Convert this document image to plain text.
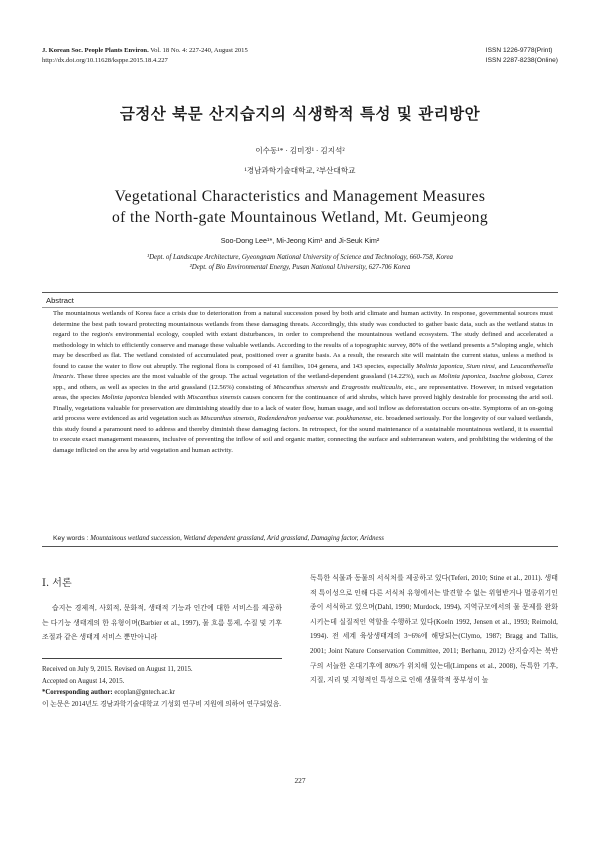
J. Korean Soc. People Plants Environ. Vol. 18 No. 4: 227-240, August 2015
http://dx.doi.org/10.11628/ksppe.2015.18.4.227
ISSN 1226-9778(Print)
ISSN 2287-8238(Online)
금정산 북문 산지습지의 식생학적 특성 및 관리방안
이수동¹* · 김미정¹ · 김지석²
¹경남과학기술대학교, ²부산대학교
Vegetational Characteristics and Management Measures
of the North-gate Mountainous Wetland, Mt. Geumjeong
Soo-Dong Lee¹*, Mi-Jeong Kim¹ and Ji-Seuk Kim²
¹Dept. of Landscape Architecture, Gyeongnam National University of Science and Technology, 660-758, Korea
²Dept. of Bio Environmental Energy, Pusan National University, 627-706 Korea
Abstract
The mountainous wetlands of Korea face a crisis due to deterioration from a natural succession posed by both arid climate and human activity. In response, governmental sources must determine the best path toward protecting mountainous wetlands from these damaging threats. Accordingly, this study was conducted to gather basic data, such as the wetland status in regard to the region's environmental ecology, coupled with extant disturbances, in order to comprehend the mountainous wetland ecosystem. The study defined and accelerated a methodology in which to efficiently conserve and manage these valuable wetlands. According to the results of a topographic survey, 80% of the wetland presents a 5°sloping angle, which may be described as flat. The wetland consisted of accumulated peat, positioned over a granite basis. As a result, the research site will maintain the current status, unless a method is found to cause the water to flow out abruptly. The regional flora is composed of 41 families, 104 genera, and 143 species, especially Molinia japonica, Sium ninsi, and Leucanthemella linearis. These three species are the most valuable of the group. The actual vegetation of the wetland-dependent grassland (14.22%), such as Molinia japonica, Isachne globosa, Carex spp., and others, as well as species in the arid grassland (12.56%) consisting of Miscanthus sinensis and Eragrostis multicaulis, etc., are representative. However, in mixed vegetation areas, the species Molinia japonica blended with Miscanthus sinensis causes concern for the continuance of arid shrubs, which have proved highly desirable for processing the arid soil. Finally, vegetations valuable for preservation are diminishing steadily due to a lack of water flow, human usage, and soil inflow as deforestation occurs on-site. Symptoms of an on-going arid process were evidenced as arid vegetation such as Miscanthus sinensis, Rodendendron yedoense var. poukhanense, etc. broadened seriously. For the longevity of our valued wetlands, this study found a paramount need to address and thereby diminish these damaging factors. In retrospect, for the sound maintenance of a sustainable mountainous wetland, it is essential to execute exact management measures, inclusive of preventing the inflow of soil and organic matter, connecting the surface and subterranean waters, and prohibiting the widening of the damage inflicted on the area by arid vegetation and human activity.
Key words : Mountainous wetland succession, Wetland dependent grassland, Arid grassland, Damaging factor, Aridness
Ⅰ. 서론
습지는 경제적, 사회적, 문화적, 생태적 기능과 인간에 대한 서비스를 제공하는 다기능 생태계의 한 유형이며(Barbier et al., 1997), 물 흐름 통제, 수질 및 기후 조절과 같은 생태계 서비스 뿐만아니라
Received on July 9, 2015. Revised on August 11, 2015.
Accepted on August 14, 2015.
*Corresponding author: ecoplan@gntech.ac.kr
이 논문은 2014년도 경남과학기술대학교 기성회 연구비 지원에 의하여 연구되었음.
독특한 식물과 동물의 서식처를 제공하고 있다(Teferi, 2010; Stine et al., 2011). 생태적 특이성으로 인해 다른 서식처 유형에서는 발견할 수 없는 위협받거나 멸종위기인 종이 서식하고 있으며(Dahl, 1990; Murdock, 1994), 지역규모에서의 물 문제를 완화시키는데 실질적인 역할을 수행하고 있다(Koeln 1992, Jensen et al., 1993; Reimold, 1994). 전 세계 육상생태계의 3~6%에 해당되는(Clymo, 1987; Bragg and Tallis, 2001; Joint Nature Conservation Committee, 2011; Berhanu, 2012) 산지습지는 북반구의 서늘한 온대기후에 80%가 위치해 있는데(Limpens et al., 2008), 독특한 기후, 지질, 지리 및 지형적인 특성으로 인해 생물학적 풍부성이 높
227
